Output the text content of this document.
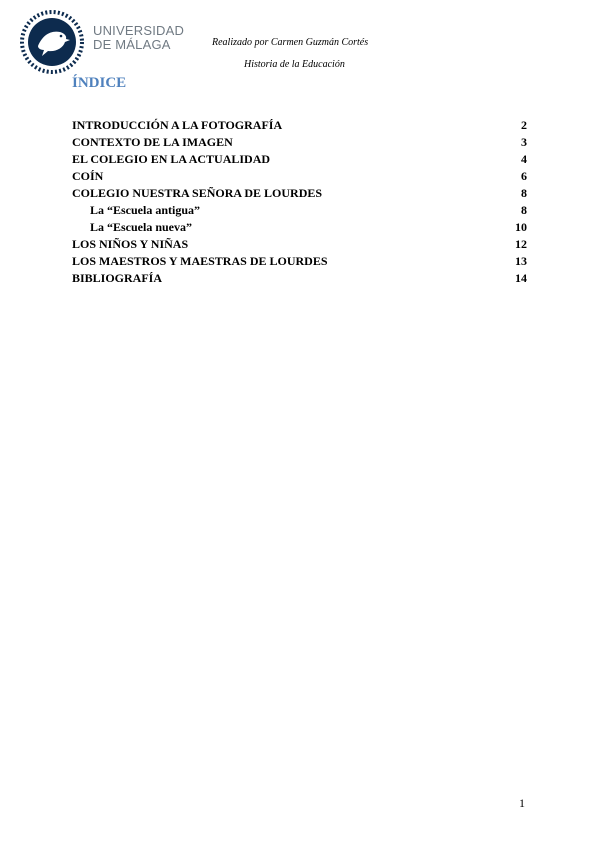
UNIVERSIDAD
DE MÁLAGA	Realizado por Carmen Guzmán Cortés
Historia de la Educación
ÍNDICE
INTRODUCCIÓN A LA FOTOGRAFÍA	2
CONTEXTO DE LA IMAGEN	3
EL COLEGIO EN LA ACTUALIDAD	4
COÍN	6
COLEGIO NUESTRA SEÑORA DE LOURDES	8
La “Escuela antigua”	8
La “Escuela nueva”	10
LOS NIÑOS Y NIÑAS	12
LOS MAESTROS Y MAESTRAS DE LOURDES	13
BIBLIOGRAFÍA	14
1
